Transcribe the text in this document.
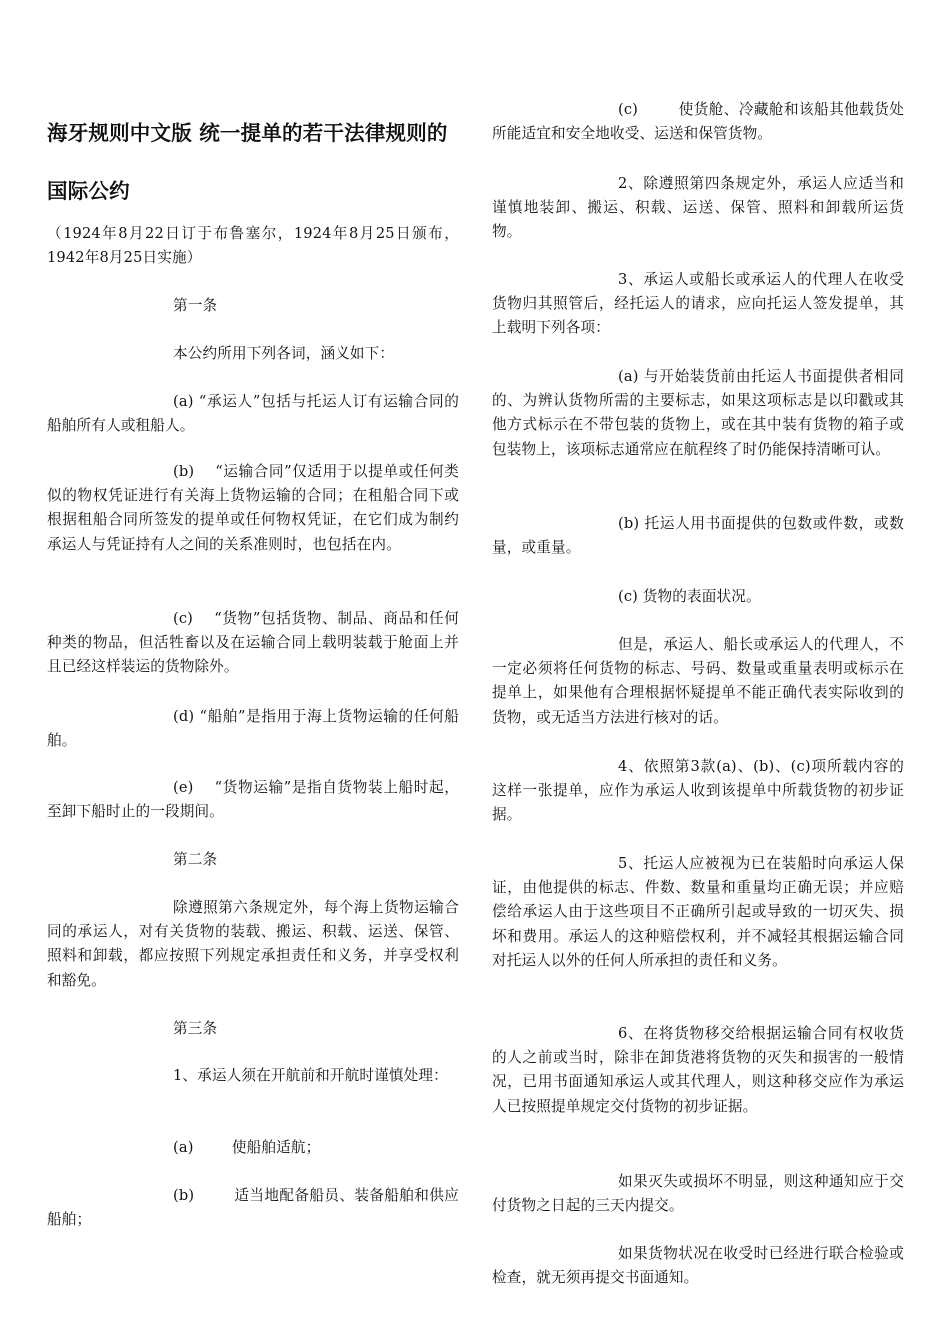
海牙规则中文版 统一提单的若干法律规则的国际公约

（1924年8月22日订于布鲁塞尔，1924年8月25日颁布，1942年8月25日实施）

第一条

本公约所用下列各词，涵义如下：

(a) “承运人”包括与托运人订有运输合同的船舶所有人或租船人。

(b)    “运输合同”仅适用于以提单或任何类似的物权凭证进行有关海上货物运输的合同；在租船合同下或根据租船合同所签发的提单或任何物权凭证，在它们成为制约承运人与凭证持有人之间的关系准则时，也包括在内。

(c)    “货物”包括货物、制品、商品和任何种类的物品，但活牲畜以及在运输合同上载明装载于舱面上并且已经这样装运的货物除外。

(d) “船舶”是指用于海上货物运输的任何船舶。

(e)    “货物运输”是指自货物装上船时起，至卸下船时止的一段期间。

第二条

除遵照第六条规定外，每个海上货物运输合同的承运人，对有关货物的装载、搬运、积载、运送、保管、照料和卸载，都应按照下列规定承担责任和义务，并享受权利和豁免。

第三条

1、承运人须在开航前和开航时谨慎处理：

(a)        使船舶适航；

(b)        适当地配备船员、装备船舶和供应船舶；

(c)        使货舱、冷藏舱和该船其他载货处所能适宜和安全地收受、运送和保管货物。

2、除遵照第四条规定外，承运人应适当和谨慎地装卸、搬运、积载、运送、保管、照料和卸载所运货物。

3、承运人或船长或承运人的代理人在收受货物归其照管后，经托运人的请求，应向托运人签发提单，其上载明下列各项：

(a) 与开始装货前由托运人书面提供者相同的、为辨认货物所需的主要标志，如果这项标志是以印戳或其他方式标示在不带包装的货物上，或在其中装有货物的箱子或包装物上，该项标志通常应在航程终了时仍能保持清晰可认。

(b) 托运人用书面提供的包数或件数，或数量，或重量。

(c) 货物的表面状况。

但是，承运人、船长或承运人的代理人，不一定必须将任何货物的标志、号码、数量或重量表明或标示在提单上，如果他有合理根据怀疑提单不能正确代表实际收到的货物，或无适当方法进行核对的话。

4、依照第3款(a)、(b)、(c)项所载内容的这样一张提单，应作为承运人收到该提单中所载货物的初步证据。

5、托运人应被视为已在装船时向承运人保证，由他提供的标志、件数、数量和重量均正确无误；并应赔偿给承运人由于这些项目不正确所引起或导致的一切灭失、损坏和费用。承运人的这种赔偿权利，并不减轻其根据运输合同对托运人以外的任何人所承担的责任和义务。

6、在将货物移交给根据运输合同有权收货的人之前或当时，除非在卸货港将货物的灭失和损害的一般情况，已用书面通知承运人或其代理人，则这种移交应作为承运人已按照提单规定交付货物的初步证据。

如果灭失或损坏不明显，则这种通知应于交付货物之日起的三天内提交。

如果货物状况在收受时已经进行联合检验或检查，就无须再提交书面通知。
